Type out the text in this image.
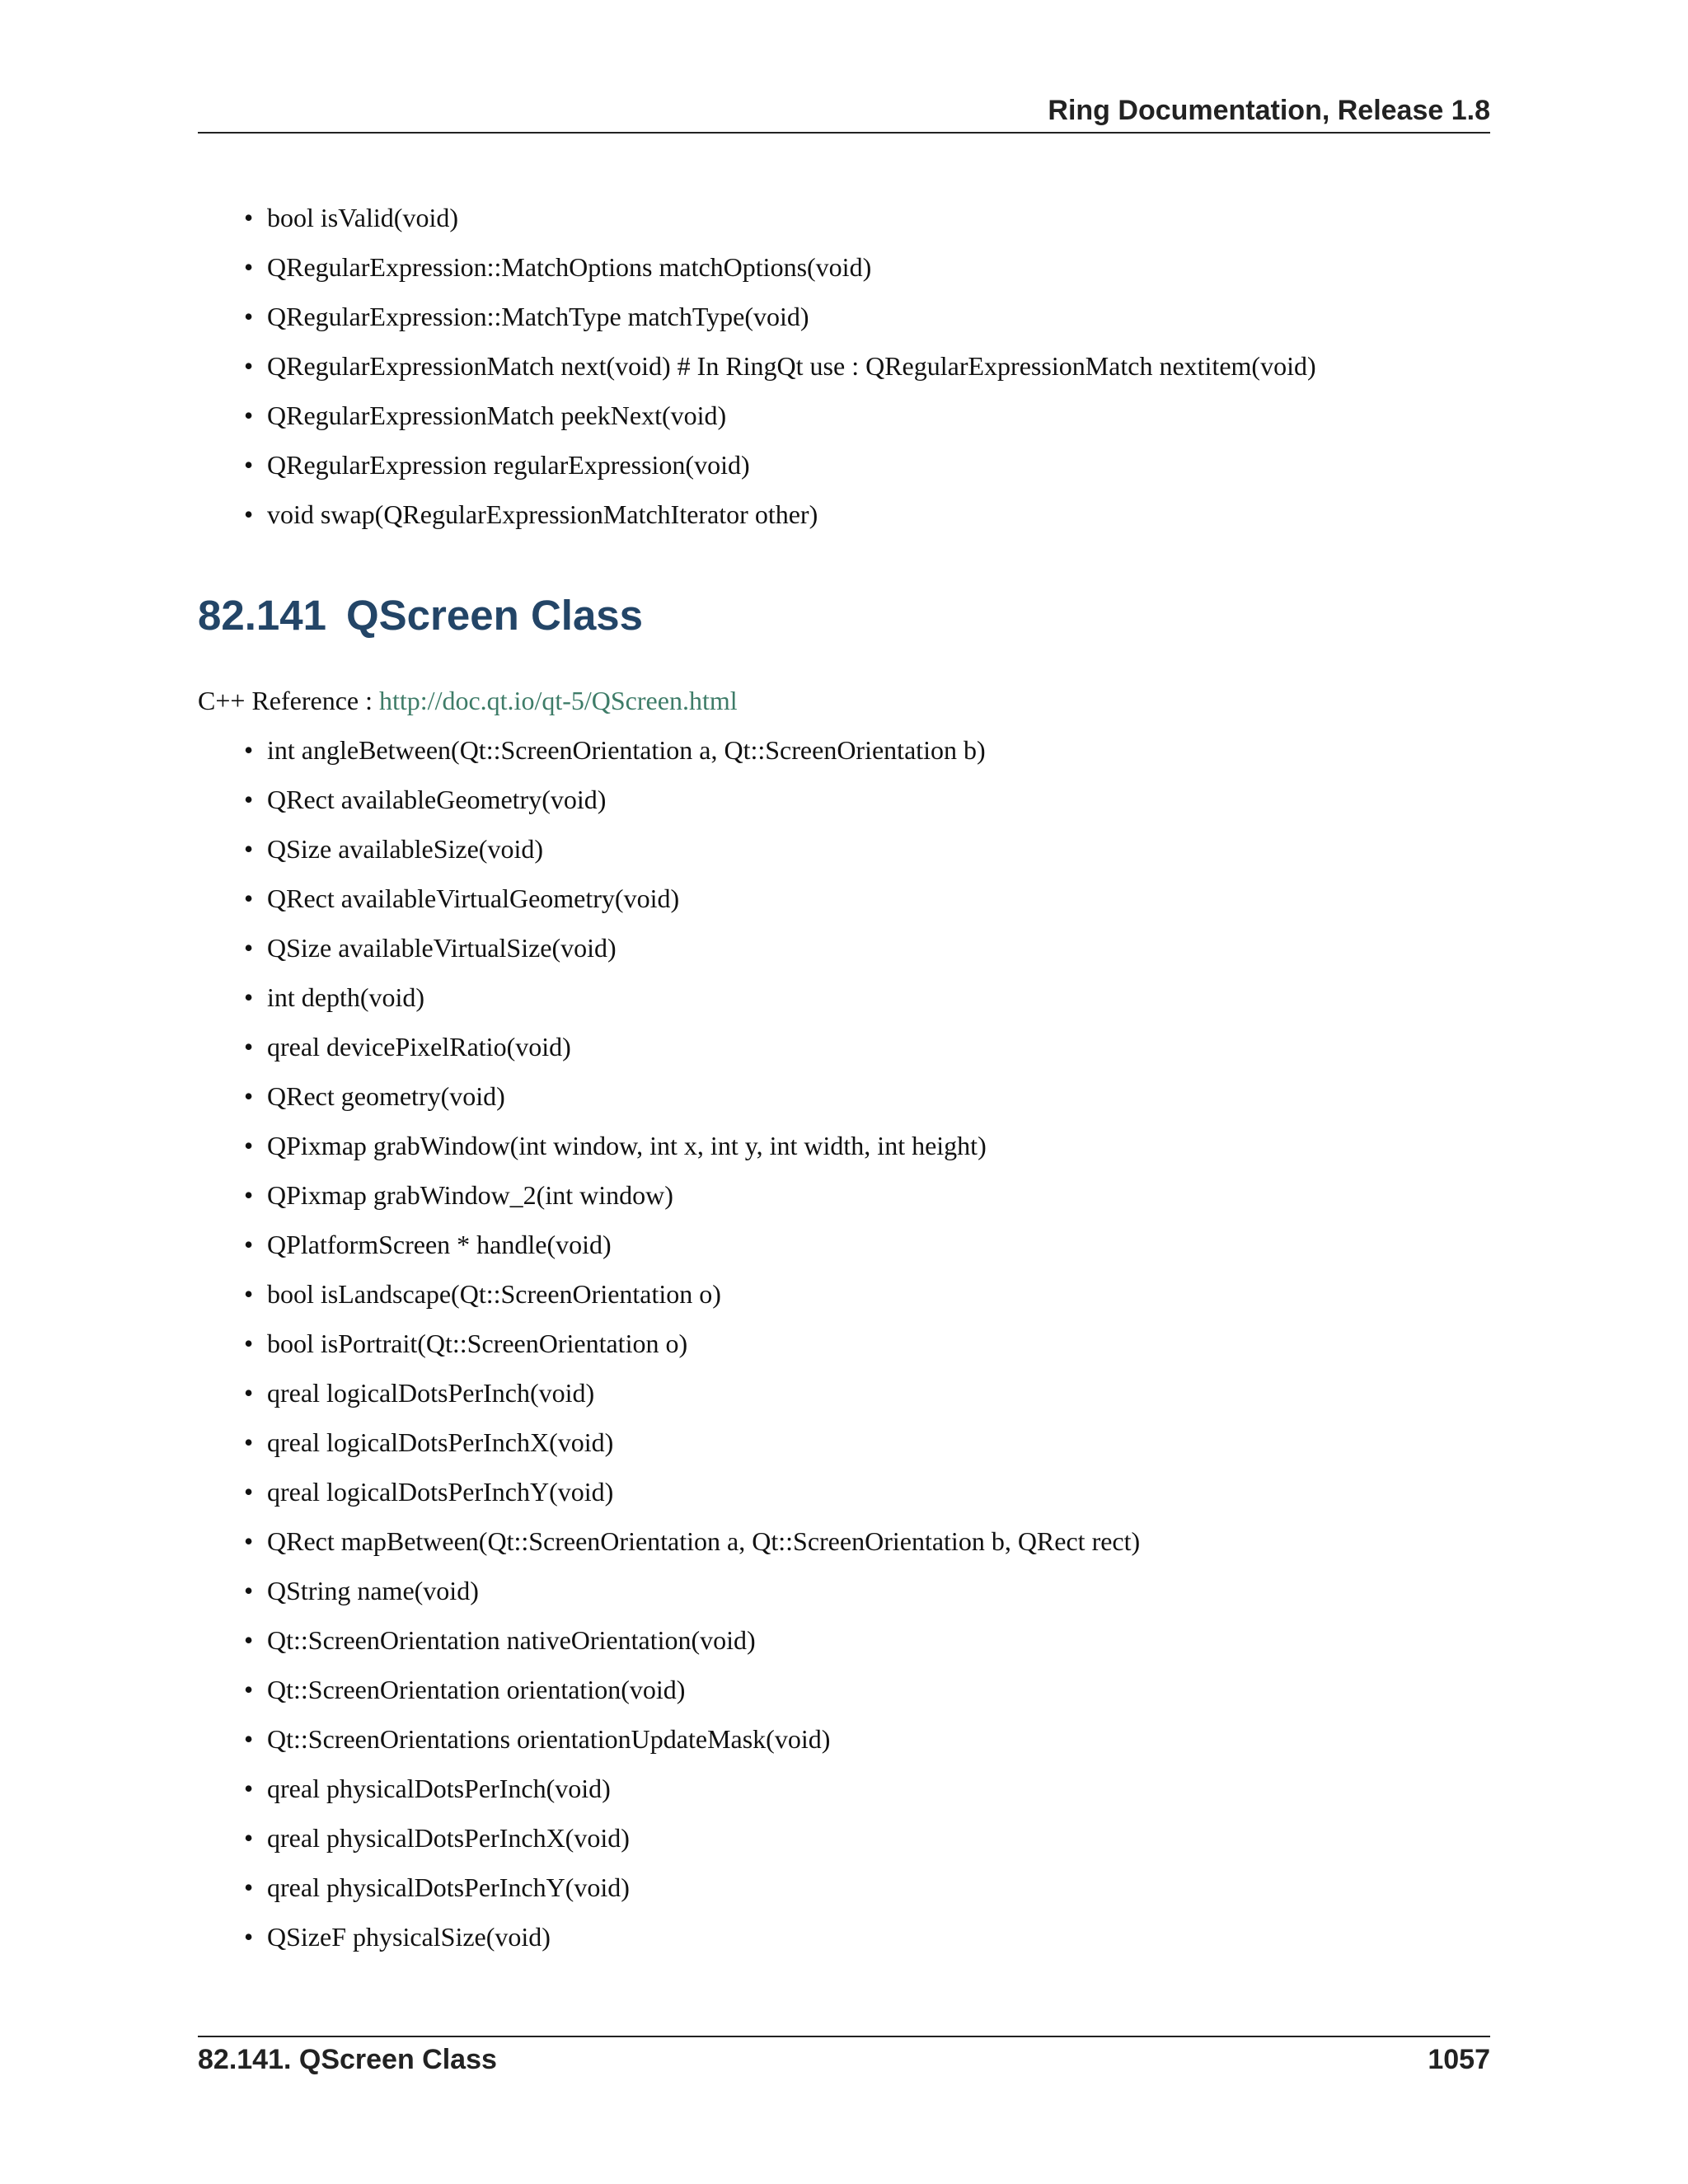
Ring Documentation, Release 1.8
• bool isValid(void)
• QRegularExpression::MatchOptions matchOptions(void)
• QRegularExpression::MatchType matchType(void)
• QRegularExpressionMatch next(void) # In RingQt use : QRegularExpressionMatch nextitem(void)
• QRegularExpressionMatch peekNext(void)
• QRegularExpression regularExpression(void)
• void swap(QRegularExpressionMatchIterator other)
82.141 QScreen Class
C++ Reference : http://doc.qt.io/qt-5/QScreen.html
• int angleBetween(Qt::ScreenOrientation a, Qt::ScreenOrientation b)
• QRect availableGeometry(void)
• QSize availableSize(void)
• QRect availableVirtualGeometry(void)
• QSize availableVirtualSize(void)
• int depth(void)
• qreal devicePixelRatio(void)
• QRect geometry(void)
• QPixmap grabWindow(int window, int x, int y, int width, int height)
• QPixmap grabWindow_2(int window)
• QPlatformScreen * handle(void)
• bool isLandscape(Qt::ScreenOrientation o)
• bool isPortrait(Qt::ScreenOrientation o)
• qreal logicalDotsPerInch(void)
• qreal logicalDotsPerInchX(void)
• qreal logicalDotsPerInchY(void)
• QRect mapBetween(Qt::ScreenOrientation a, Qt::ScreenOrientation b, QRect rect)
• QString name(void)
• Qt::ScreenOrientation nativeOrientation(void)
• Qt::ScreenOrientation orientation(void)
• Qt::ScreenOrientations orientationUpdateMask(void)
• qreal physicalDotsPerInch(void)
• qreal physicalDotsPerInchX(void)
• qreal physicalDotsPerInchY(void)
• QSizeF physicalSize(void)
82.141. QScreen Class	1057
